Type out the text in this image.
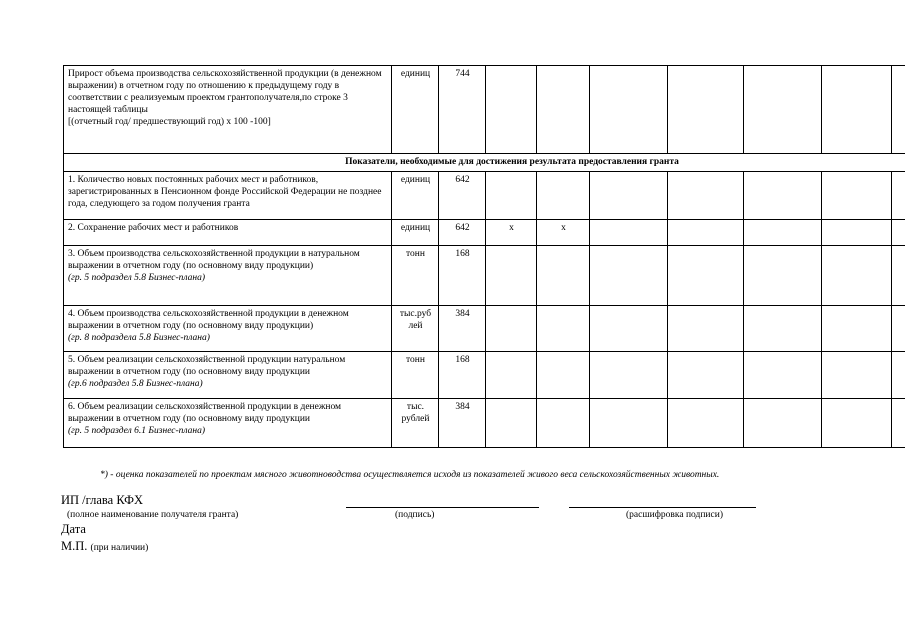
Прирост объема производства сельскохозяйственной продукции (в денежном выражении) в отчетном году по отношению к предыдущему году в соответствии с реализуемым проектом грантополучателя,по строке 3
настоящей таблицы
[(отчетный год/ предшествующий год) х 100 -100]	единиц	744							
Показатели, необходимые для достижения результата предоставления гранта									

1. Количество новых постоянных рабочих мест и работников, зарегистрированных в Пенсионном фонде Российской Федерации не позднее года, следующего за годом получения гранта	единиц	642							

2. Сохранение рабочих мест и работников	единиц	642	x	x					

3. Объем производства сельскохозяйственной продукции в натуральном выражении в отчетном году (по основному виду продукции)
(гр. 5 подраздел 5.8 Бизнес-плана)	тонн	168							

4. Объем производства сельскохозяйственной продукции в денежном выражении в отчетном году (по основному виду продукции)
(гр. 8 подраздела 5.8 Бизнес-плана)	тыс.руб лей	384							

5. Объем реализации сельскохозяйственной продукции натуральном выражении в отчетном году (по основному виду продукции
(гр.6 подраздел 5.8 Бизнес-плана)	тонн	168							

6. Объем реализации сельскохозяйственной продукции в денежном выражении в отчетном году (по основному виду продукции
(гр. 5 подраздел 6.1 Бизнес-плана)	тыс. рублей	384							
*) - оценка показателей по проектам мясного животноводства осуществляется исходя из показателей живого веса сельскохозяйственных животных.
ИП /глава КФХ
(полное наименование получателя гранта)	(подпись)	(расшифровка подписи)
Дата
М.П. (при наличии)
